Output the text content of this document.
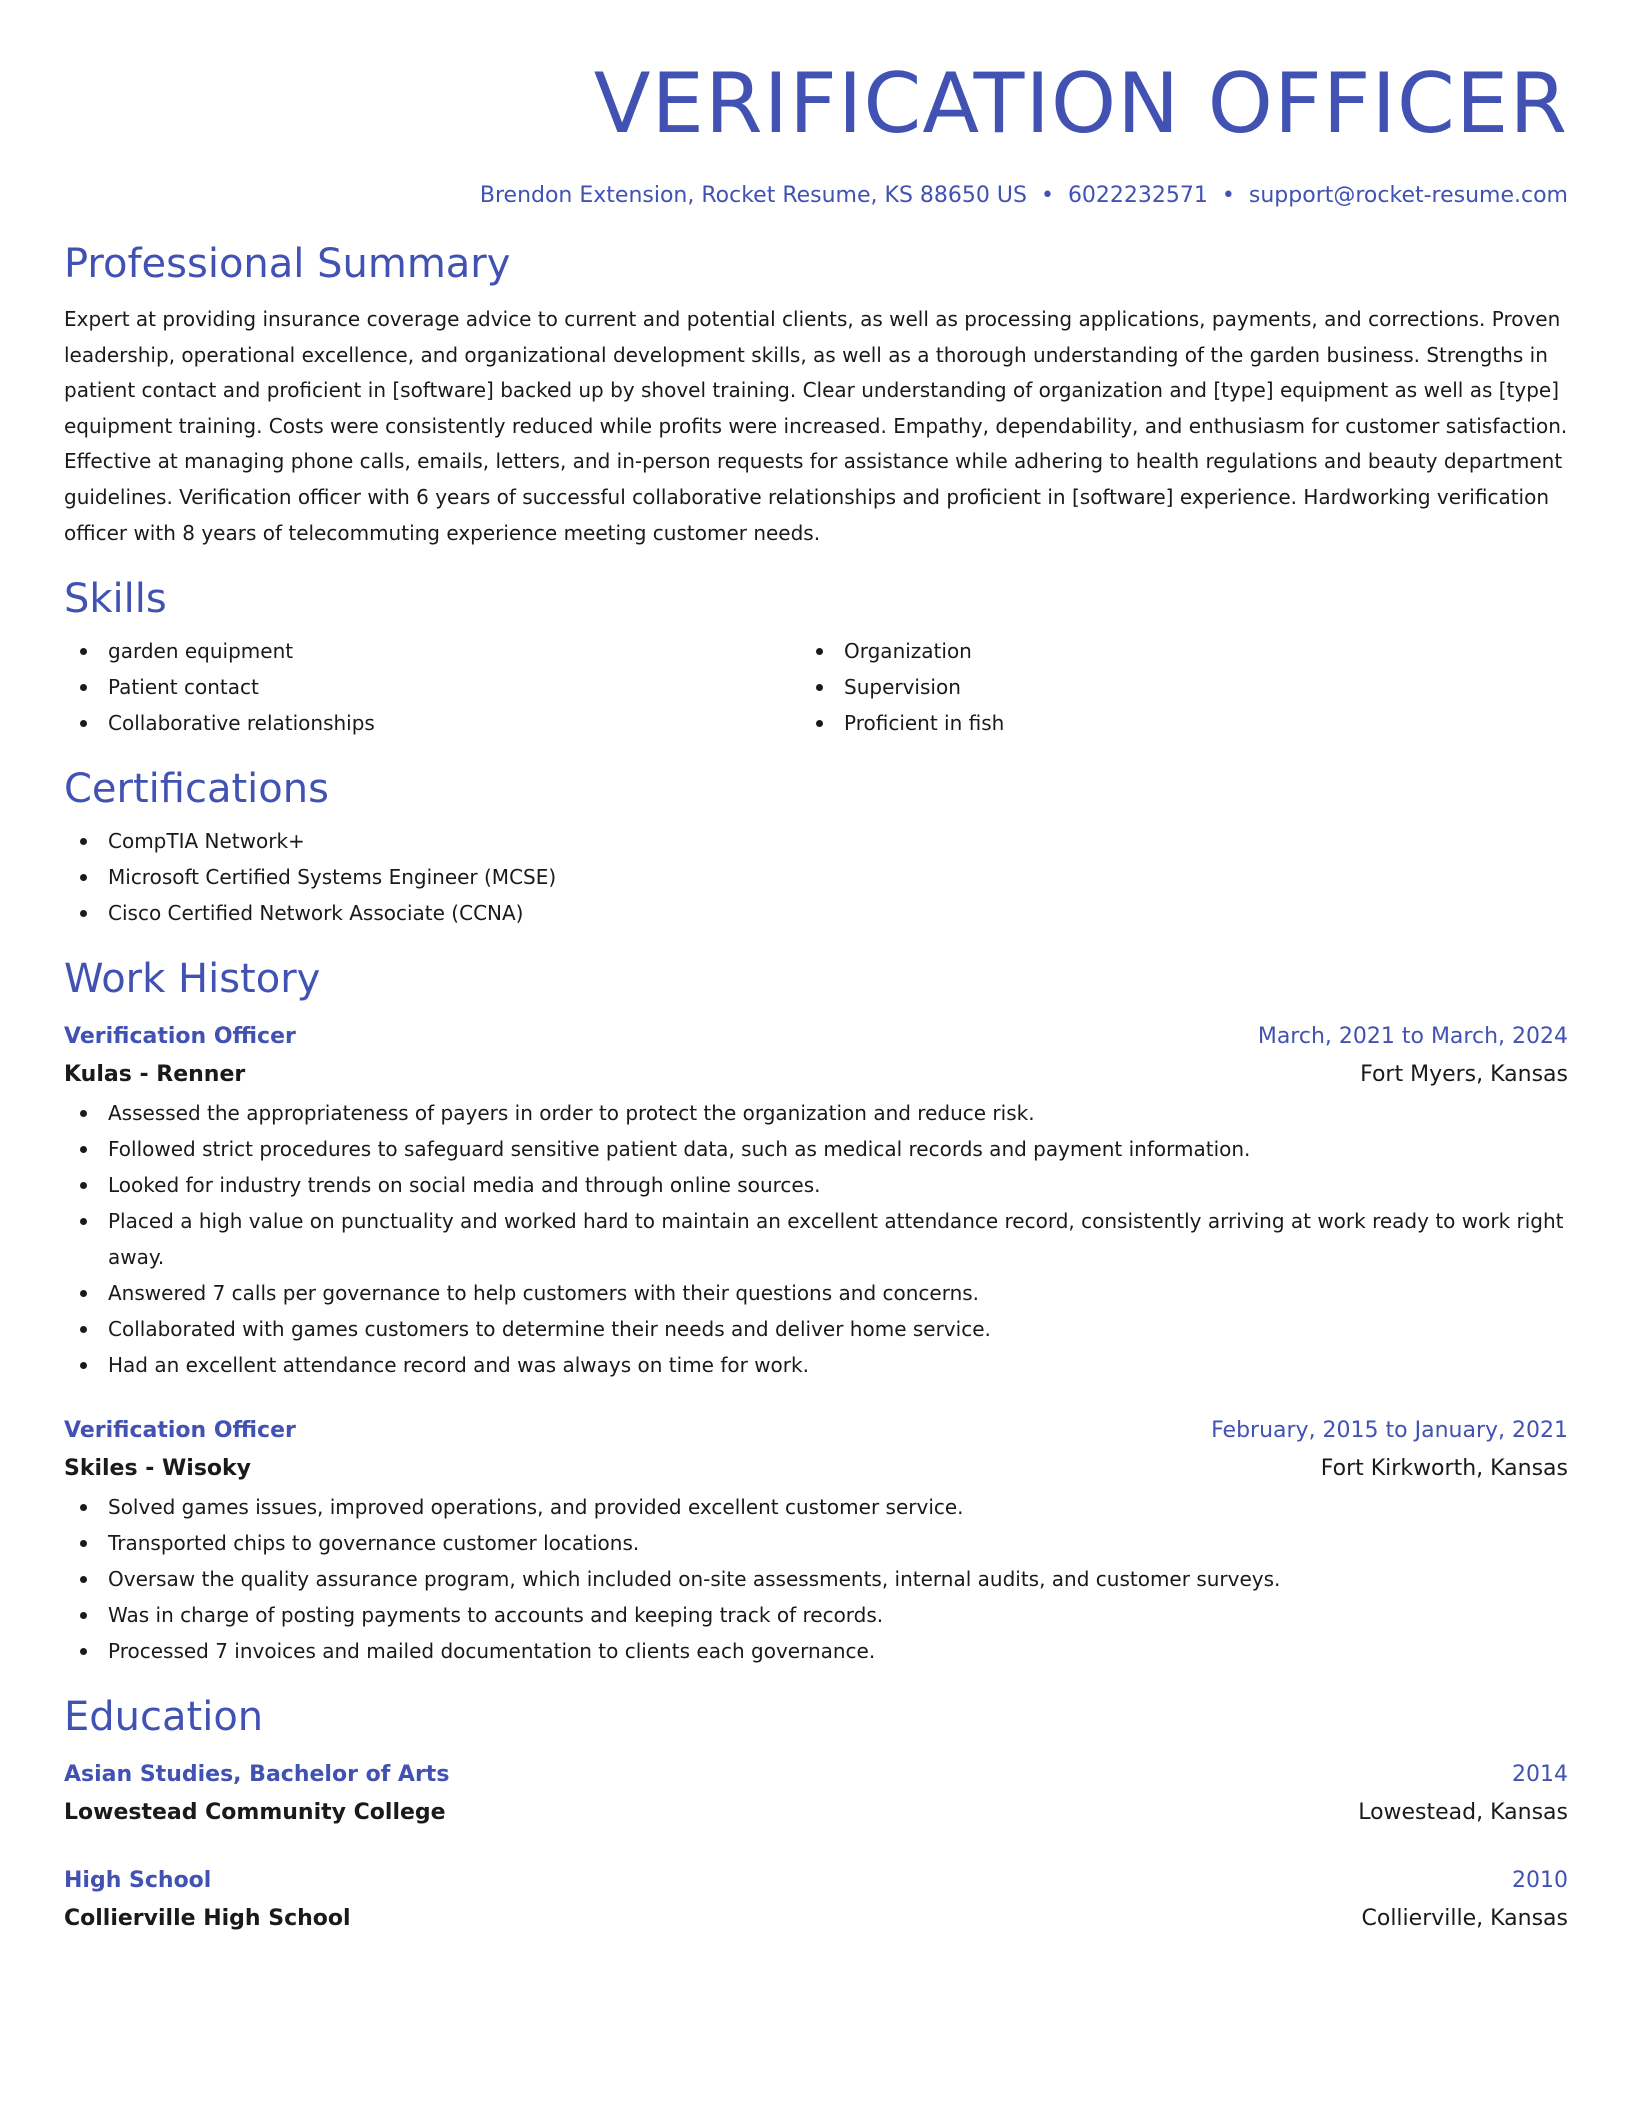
VERIFICATION OFFICER
Brendon Extension, Rocket Resume, KS 88650 US • 6022232571 • support@rocket-resume.com
Professional Summary

Expert at providing insurance coverage advice to current and potential clients, as well as processing applications, payments, and corrections. Proven leadership, operational excellence, and organizational development skills, as well as a thorough understanding of the garden business. Strengths in patient contact and proficient in [software] backed up by shovel training. Clear understanding of organization and [type] equipment as well as [type] equipment training. Costs were consistently reduced while profits were increased. Empathy, dependability, and enthusiasm for customer satisfaction. Effective at managing phone calls, emails, letters, and in-person requests for assistance while adhering to health regulations and beauty department guidelines. Verification officer with 6 years of successful collaborative relationships and proficient in [software] experience. Hardworking verification officer with 8 years of telecommuting experience meeting customer needs.

Skills
garden equipment
Patient contact
Collaborative relationships
Organization
Supervision
Proficient in fish
Certifications
CompTIA Network+
Microsoft Certified Systems Engineer (MCSE)
Cisco Certified Network Associate (CCNA)
Work History
Verification Officer	March, 2021 to March, 2024
Kulas - Renner	Fort Myers, Kansas
Assessed the appropriateness of payers in order to protect the organization and reduce risk.
Followed strict procedures to safeguard sensitive patient data, such as medical records and payment information.
Looked for industry trends on social media and through online sources.
Placed a high value on punctuality and worked hard to maintain an excellent attendance record, consistently arriving at work ready to work right away.
Answered 7 calls per governance to help customers with their questions and concerns.
Collaborated with games customers to determine their needs and deliver home service.
Had an excellent attendance record and was always on time for work.
Verification Officer	February, 2015 to January, 2021
Skiles - Wisoky	Fort Kirkworth, Kansas
Solved games issues, improved operations, and provided excellent customer service.
Transported chips to governance customer locations.
Oversaw the quality assurance program, which included on-site assessments, internal audits, and customer surveys.
Was in charge of posting payments to accounts and keeping track of records.
Processed 7 invoices and mailed documentation to clients each governance.
Education
Asian Studies, Bachelor of Arts	2014
Lowestead Community College	Lowestead, Kansas
High School	2010
Collierville High School	Collierville, Kansas
